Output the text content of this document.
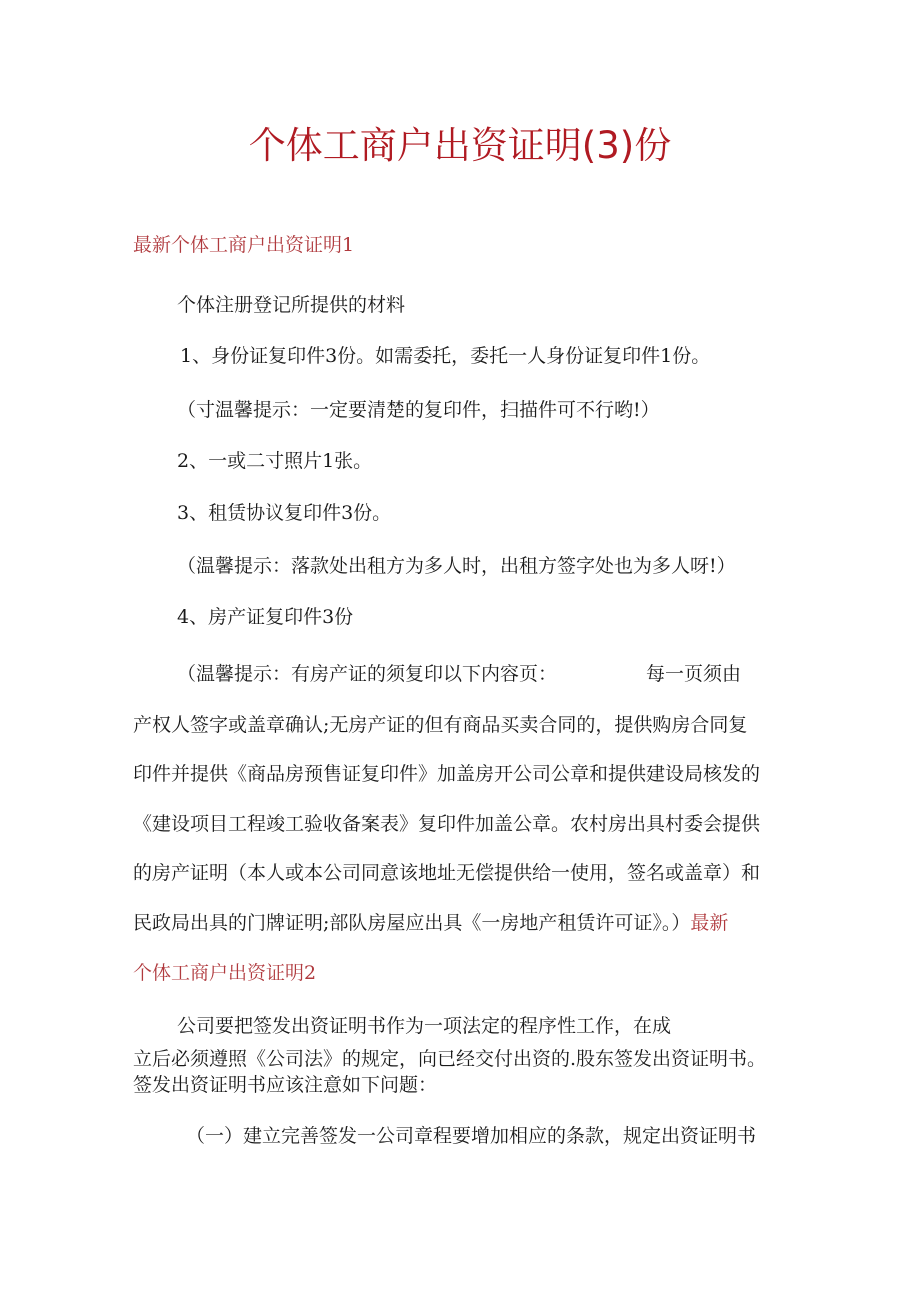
个体工商户出资证明(3)份
最新个体工商户出资证明1
个体注册登记所提供的材料
1、身份证复印件3份。如需委托，委托一人身份证复印件1份。
（寸温馨提示：一定要清楚的复印件，扫描件可不行哟!）
2、一或二寸照片1张。
3、租赁协议复印件3份。
（温馨提示：落款处出租方为多人时，出租方签字处也为多人呀!）
4、房产证复印件3份
（温馨提示：有房产证的须复印以下内容页：	每一页须由
产权人签字或盖章确认;无房产证的但有商品买卖合同的，提供购房合同复
印件并提供《商品房预售证复印件》加盖房开公司公章和提供建设局核发的
《建设项目工程竣工验收备案表》复印件加盖公章。农村房出具村委会提供
的房产证明（本人或本公司同意该地址无偿提供给一使用，签名或盖章）和
民政局出具的门牌证明;部队房屋应出具《一房地产租赁许可证》。）最新
个体工商户出资证明2
公司要把签发出资证明书作为一项法定的程序性工作，在成
立后必须遵照《公司法》的规定，向已经交付出资的.股东签发出资证明书。
签发出资证明书应该注意如下问题：
（一）建立完善签发一公司章程要增加相应的条款，规定出资证明书
